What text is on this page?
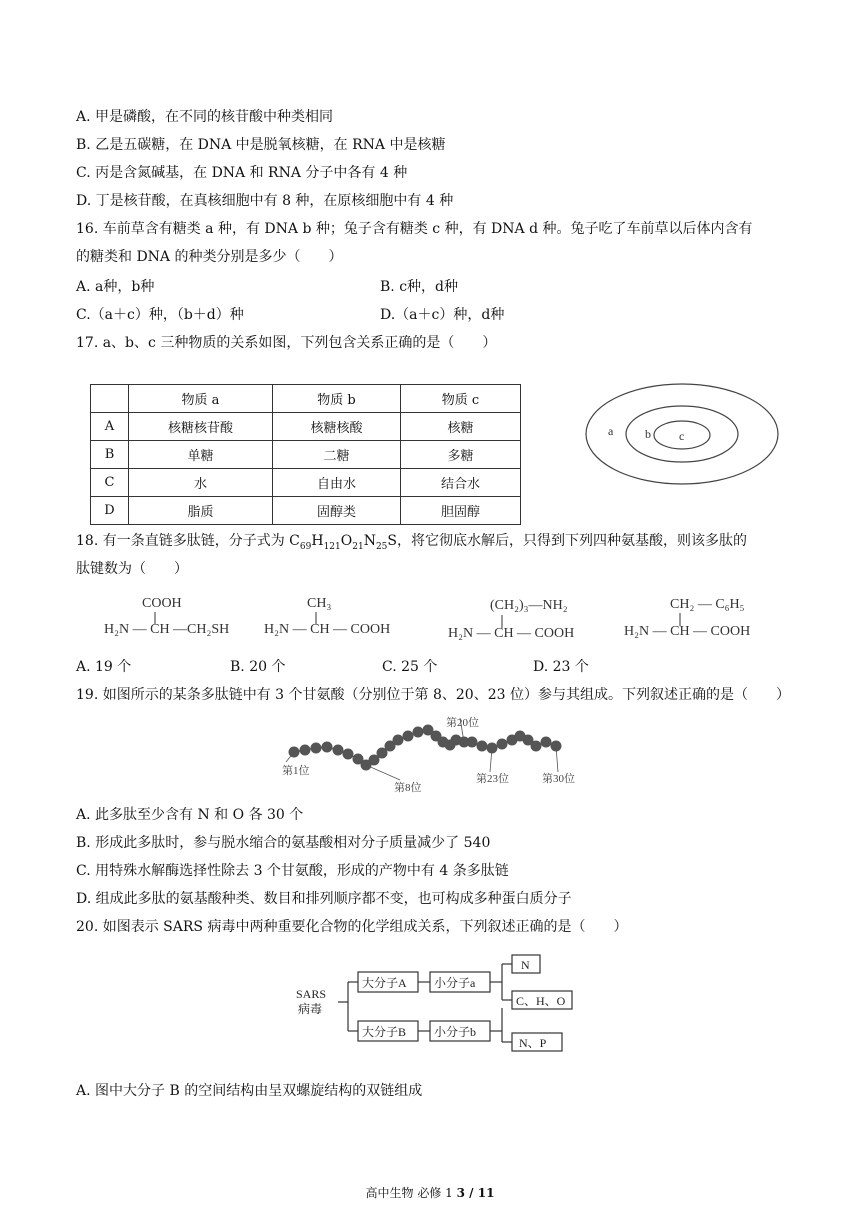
A. 甲是磷酸，在不同的核苷酸中种类相同
B. 乙是五碳糖，在 DNA 中是脱氧核糖，在 RNA 中是核糖
C. 丙是含氮碱基，在 DNA 和 RNA 分子中各有 4 种
D. 丁是核苷酸，在真核细胞中有 8 种，在原核细胞中有 4 种
16. 车前草含有糖类 a 种，有 DNA b 种；兔子含有糖类 c 种，有 DNA d 种。兔子吃了车前草以后体内含有
的糖类和 DNA 的种类分别是多少（　　）
A. a种，b种	B. c种，d种
C.（a＋c）种，（b＋d）种	D.（a＋c）种，d种
17. a、b、c 三种物质的关系如图，下列包含关系正确的是（　　）
	物质 a	物质 b	物质 c
A	核糖核苷酸	核糖核酸	核糖
B	单糖	二糖	多糖
C	水	自由水	结合水
D	脂质	固醇类	胆固醇
a	b c
18. 有一条直链多肽链，分子式为 $C_{69}H_{121}O_{21}N_{25}S$，将它彻底水解后，只得到下列四种氨基酸，则该多肽的
肽键数为（　　）
COOH
H₂N — CH —CH₂SH
CH₃
H₂N — CH — COOH
(CH₂)₃—NH₂
H₂N — CH — COOH
CH₂ — C₆H₅
H₂N — CH — COOH
A. 19 个	B. 20 个	C. 25 个	D. 23 个
19. 如图所示的某条多肽链中有 3 个甘氨酸（分别位于第 8、20、23 位）参与其组成。下列叙述正确的是（　　）
第1位
第8位
第20位
第23位	第30位
A. 此多肽至少含有 N 和 O 各 30 个
B. 形成此多肽时，参与脱水缩合的氨基酸相对分子质量减少了 540
C. 用特殊水解酶选择性除去 3 个甘氨酸，形成的产物中有 4 条多肽链
D. 组成此多肽的氨基酸种类、数目和排列顺序都不变，也可构成多种蛋白质分子
20. 如图表示 SARS 病毒中两种重要化合物的化学组成关系，下列叙述正确的是（　　）
SARS
病毒
大分子A
大分子B
小分子a
小分子b
N
C、H、O
N、P
A. 图中大分子 B 的空间结构由呈双螺旋结构的双链组成
高中生物 必修 1 3 / 11
